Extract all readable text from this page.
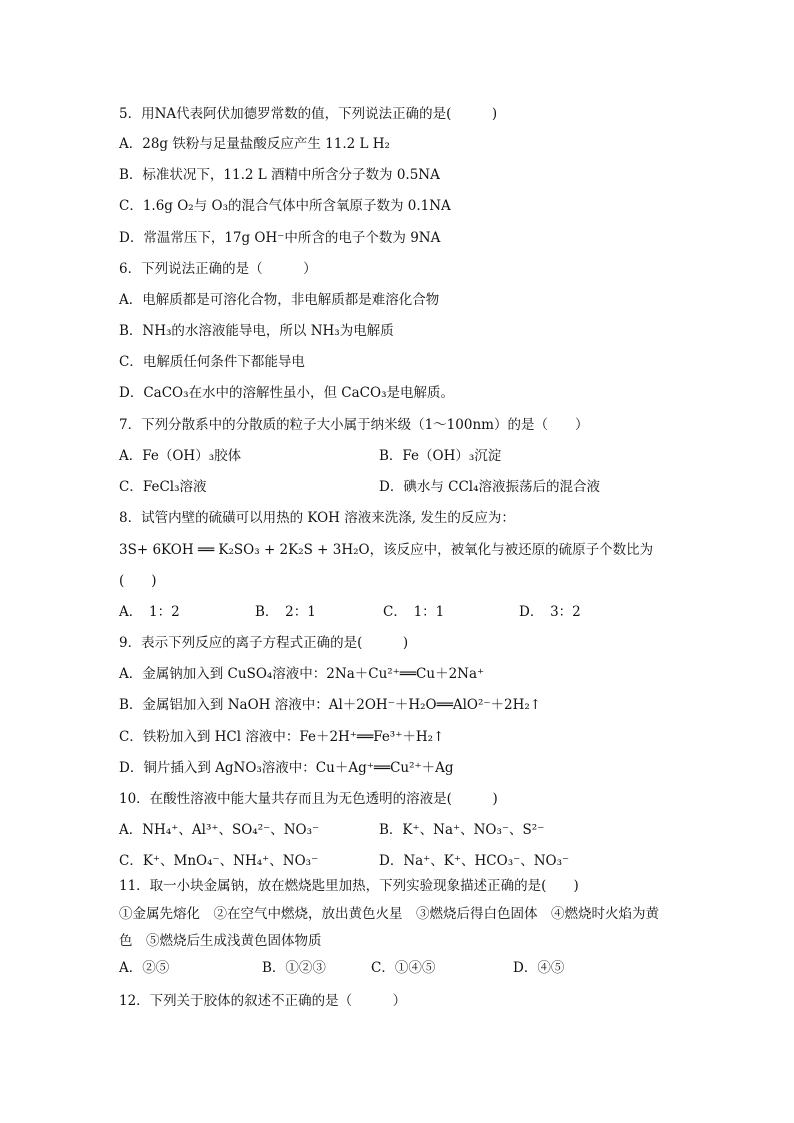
5．用NA代表阿伏加德罗常数的值，下列说法正确的是(　　　)
A．28g 铁粉与足量盐酸反应产生 11.2 L H₂
B．标准状况下，11.2 L 酒精中所含分子数为 0.5NA
C．1.6g O₂与 O₃的混合气体中所含氧原子数为 0.1NA
D．常温常压下，17g OH⁻中所含的电子个数为 9NA
6．下列说法正确的是（　　　）
A．电解质都是可溶化合物，非电解质都是难溶化合物
B．NH₃的水溶液能导电，所以 NH₃为电解质
C．电解质任何条件下都能导电
D．CaCO₃在水中的溶解性虽小，但 CaCO₃是电解质。
7．下列分散系中的分散质的粒子大小属于纳米级（1～100nm）的是（　　）
A．Fe（OH）₃胶体	B．Fe（OH）₃沉淀
C．FeCl₃溶液	D．碘水与 CCl₄溶液振荡后的混合液
8．试管内壁的硫磺可以用热的 KOH 溶液来洗涤, 发生的反应为：
3S+ 6KOH ══ K₂SO₃ + 2K₂S + 3H₂O，该反应中，被氧化与被还原的硫原子个数比为
(　　)
A．　1：2	B．　2：1	C．　1：1	D．　3：2
9．表示下列反应的离子方程式正确的是(　　　)
A．金属钠加入到 CuSO₄溶液中：2Na＋Cu²⁺══Cu＋2Na⁺
B．金属铝加入到 NaOH 溶液中：Al＋2OH⁻＋H₂O══AlO²⁻＋2H₂↑
C．铁粉加入到 HCl 溶液中：Fe＋2H⁺══Fe³⁺＋H₂↑
D．铜片插入到 AgNO₃溶液中：Cu＋Ag⁺══Cu²⁺＋Ag
10．在酸性溶液中能大量共存而且为无色透明的溶液是(　　　)
A．NH₄⁺、Al³⁺、SO₄²⁻、NO₃⁻	B．K⁺、Na⁺、NO₃⁻、S²⁻
C．K⁺、MnO₄⁻、NH₄⁺、NO₃⁻	D．Na⁺、K⁺、HCO₃⁻、NO₃⁻
11．取一小块金属钠，放在燃烧匙里加热，下列实验现象描述正确的是(　　)
①金属先熔化　②在空气中燃烧，放出黄色火星　③燃烧后得白色固体　④燃烧时火焰为黄
色　⑤燃烧后生成浅黄色固体物质
A．②⑤	B．①②③	C．①④⑤	D．④⑤
12．下列关于胶体的叙述不正确的是（　　　）
